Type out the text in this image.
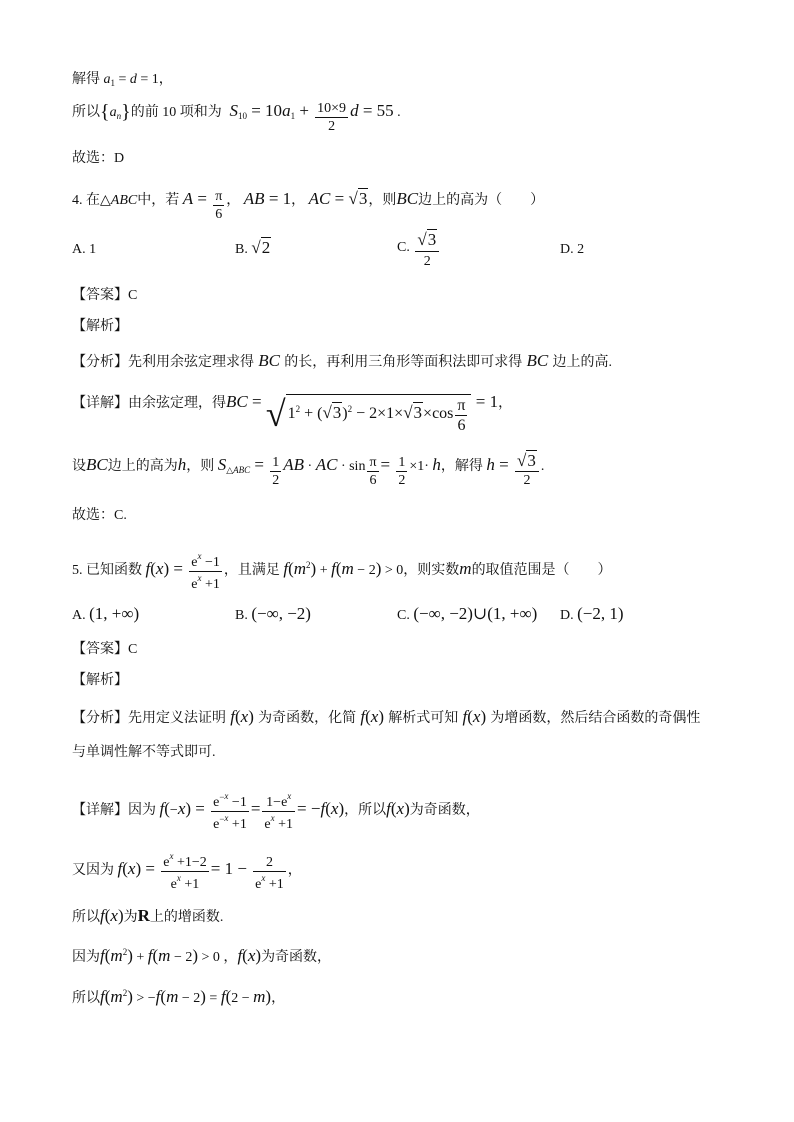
解得 $a_1 = d = 1$，
所以$\{a_n\}$的前 10 项和为  $S_{10} = 10a_1 + \frac{10\times 9}{2}$ d = 55 .
故选：D
4. 在△ABC中，若 $A = \frac{\pi}{6}$ ， AB = 1， AC = √3，则BC边上的高为（　　）
A. 1	B. √2	C. $\frac{√3}{2}$	D. 2
【答案】C
【解析】
【分析】先利用余弦定理求得 BC 的长，再利用三角形等面积法即可求得 BC 边上的高.
【详解】由余弦定理，得BC = √ $1^2 + (√3)^2 - 2\times 1\times√3\times\cos \frac{\pi}{6} = 1$，
设BC边上的高为h，则 $S_{\triangle ABC} = \frac{1}{2}$ AB · AC · $\sin \frac{\pi}{6} = \frac{1}{2} \times 1\cdot h$，解得 $h = \frac{√3}{2}$ .
故选：C.
5. 已知函数 $f(x) = \frac{e^x -1}{e^x +1}$ ，且满足 $f(m^2) + f(m - 2) > 0$，则实数m的取值范围是（　　）
A. (1, +∞)	B. (−∞, −2)	C. (−∞, −2)∪(1, +∞) D. (−2, 1)
【答案】C
【解析】
【分析】先用定义法证明 f(x) 为奇函数，化简 f(x) 解析式可知 f(x) 为增函数，然后结合函数的奇偶性
与单调性解不等式即可.
【详解】因为 $f(-x) = \frac{e^{-x} -1}{e^{-x} +1} = \frac{1-e^x}{e^x +1} = -f(x)$，所以f(x)为奇函数，
又因为 $f(x) = \frac{e^x +1-2}{e^x +1} = 1 - \frac{2}{e^x +1}$ ，
所以f(x)为R上的增函数.
因为$f(m^2) + f(m - 2) > 0$ ，f(x)为奇函数，
所以$f(m^2) > -f(m - 2) = f(2 - m)$，
